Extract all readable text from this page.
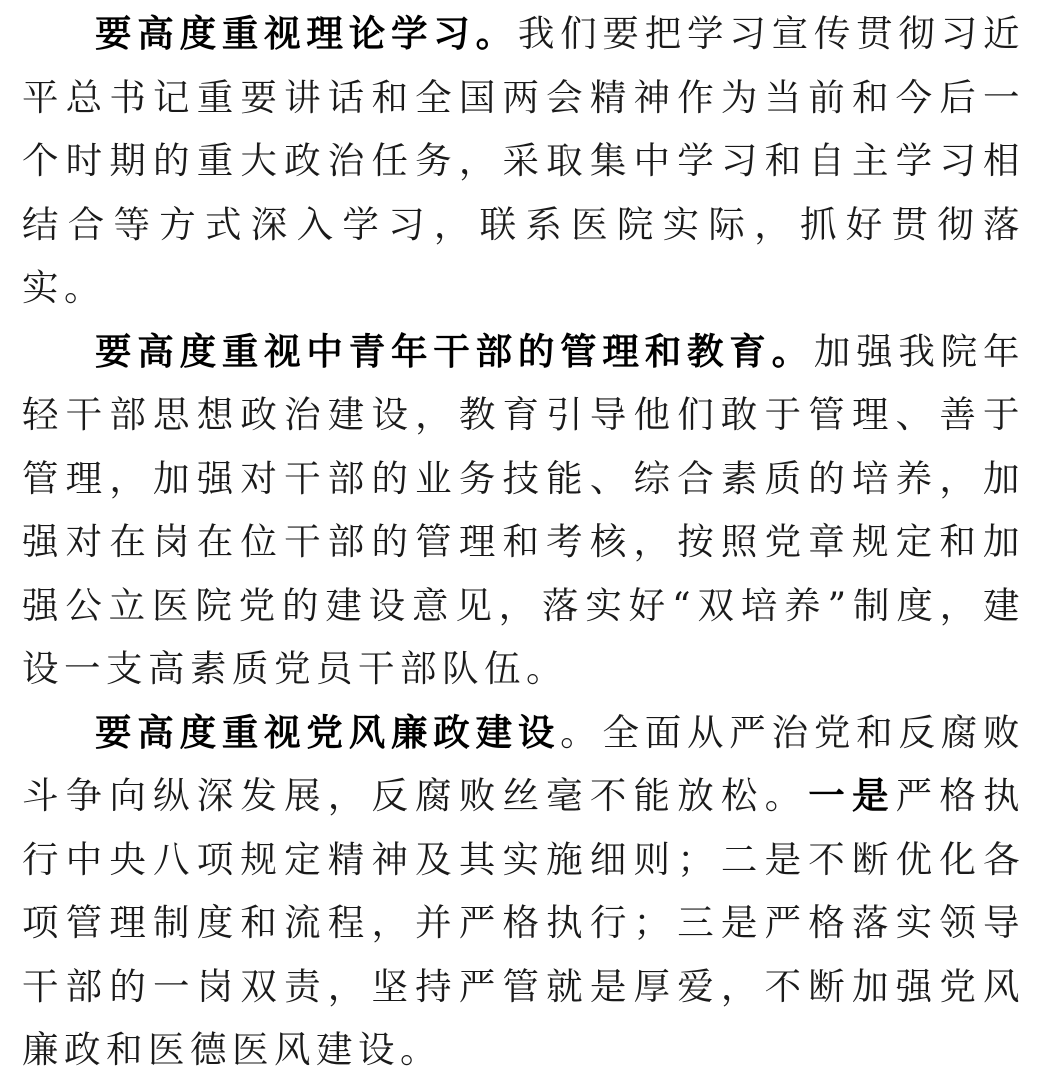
要高度重视理论学习。我们要把学习宣传贯彻习近平总书记重要讲话和全国两会精神作为当前和今后一个时期的重大政治任务，采取集中学习和自主学习相结合等方式深入学习，联系医院实际，抓好贯彻落实。

要高度重视中青年干部的管理和教育。加强我院年轻干部思想政治建设，教育引导他们敢于管理、善于管理，加强对干部的业务技能、综合素质的培养，加强对在岗在位干部的管理和考核，按照党章规定和加强公立医院党的建设意见，落实好“双培养”制度，建设一支高素质党员干部队伍。

要高度重视党风廉政建设。全面从严治党和反腐败斗争向纵深发展，反腐败丝毫不能放松。一是严格执行中央八项规定精神及其实施细则；二是不断优化各项管理制度和流程，并严格执行；三是严格落实领导干部的一岗双责，坚持严管就是厚爱，不断加强党风廉政和医德医风建设。
